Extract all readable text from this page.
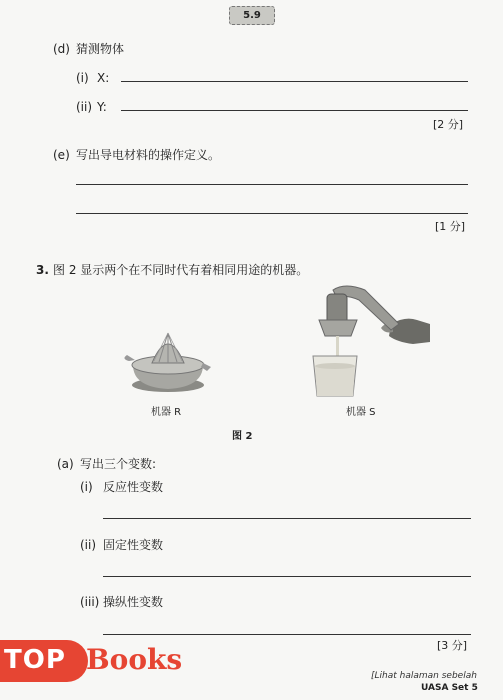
5.9
(d) 猜测物体
(i) X:
(ii) Y:
[2 分]
(e) 写出导电材料的操作定义。
[1 分]
3. 图 2 显示两个在不同时代有着相同用途的机器。
机器 R	机器 S
图 2
(a) 写出三个变数:
(i) 反应性变数
(ii) 固定性变数
(iii) 操纵性变数
[3 分]
[Lihat halaman sebelah
UASA Set 5
TOP Books
